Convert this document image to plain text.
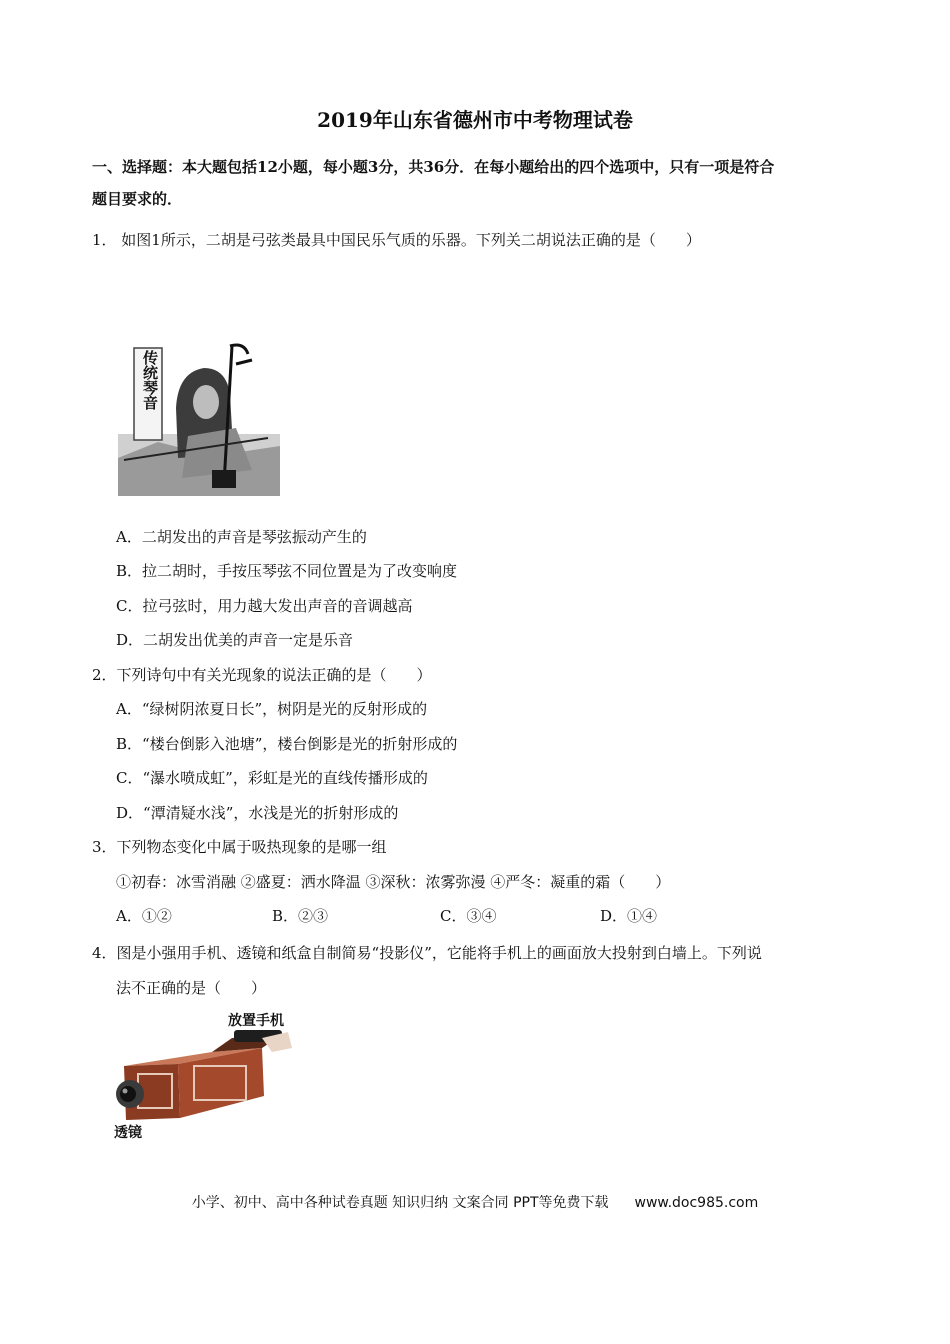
2019年山东省德州市中考物理试卷
一、选择题：本大题包括12小题，每小题3分，共36分．在每小题给出的四个选项中，只有一项是符合
题目要求的．
1． 如图1所示，二胡是弓弦类最具中国民乐气质的乐器。下列关二胡说法正确的是（　　）
传统琴音
A．二胡发出的声音是琴弦振动产生的
B．拉二胡时，手按压琴弦不同位置是为了改变响度
C．拉弓弦时，用力越大发出声音的音调越高
D．二胡发出优美的声音一定是乐音
2．下列诗句中有关光现象的说法正确的是（　　）
A．“绿树阴浓夏日长”，树阴是光的反射形成的
B．“楼台倒影入池塘”，楼台倒影是光的折射形成的
C．“瀑水喷成虹”，彩虹是光的直线传播形成的
D．“潭清疑水浅”，水浅是光的折射形成的
3．下列物态变化中属于吸热现象的是哪一组
①初春：冰雪消融 ②盛夏：洒水降温 ③深秋：浓雾弥漫 ④严冬：凝重的霜（　　）
A．①②	B．②③	C．③④	D．①④
4．图是小强用手机、透镜和纸盒自制简易“投影仪”，它能将手机上的画面放大投射到白墙上。下列说
法不正确的是（　　）
放置手机
透镜
小学、初中、高中各种试卷真题 知识归纳 文案合同 PPT等免费下载 www.doc985.com
